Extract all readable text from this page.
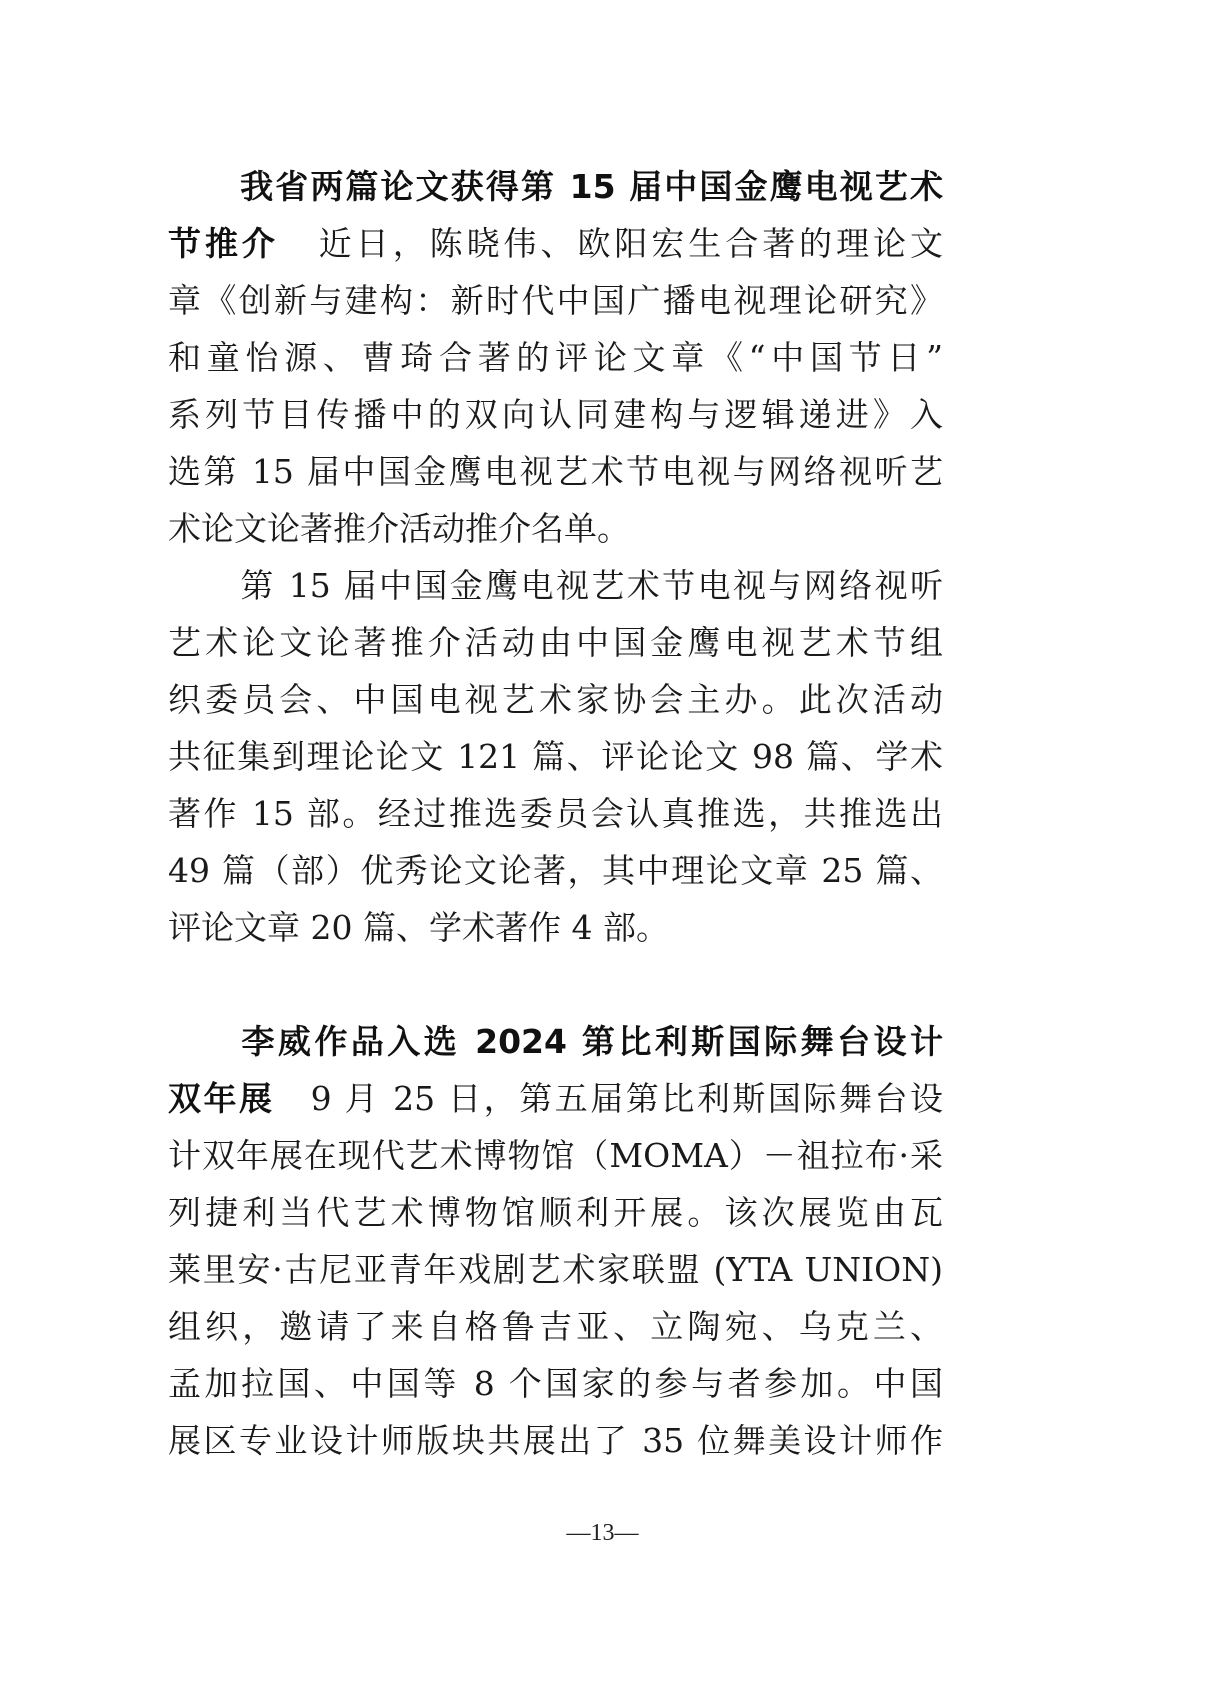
我省两篇论文获得第 15 届中国金鹰电视艺术
节推介 近日，陈晓伟、欧阳宏生合著的理论文
章《创新与建构：新时代中国广播电视理论研究》
和童怡源、曹琦合著的评论文章《“中国节日”
系列节目传播中的双向认同建构与逻辑递进》入
选第 15 届中国金鹰电视艺术节电视与网络视听艺
术论文论著推介活动推介名单。
第 15 届中国金鹰电视艺术节电视与网络视听
艺术论文论著推介活动由中国金鹰电视艺术节组
织委员会、中国电视艺术家协会主办。此次活动
共征集到理论论文 121 篇、评论论文 98 篇、学术
著作 15 部。经过推选委员会认真推选，共推选出
49 篇（部）优秀论文论著，其中理论文章 25 篇、
评论文章 20 篇、学术著作 4 部。
李威作品入选 2024 第比利斯国际舞台设计
双年展 9 月 25 日，第五届第比利斯国际舞台设
计双年展在现代艺术博物馆（MOMA）－祖拉布·采
列捷利当代艺术博物馆顺利开展。该次展览由瓦
莱里安·古尼亚青年戏剧艺术家联盟 (YTA UNION)
组织，邀请了来自格鲁吉亚、立陶宛、乌克兰、
孟加拉国、中国等 8 个国家的参与者参加。中国
展区专业设计师版块共展出了 35 位舞美设计师作
—13—
